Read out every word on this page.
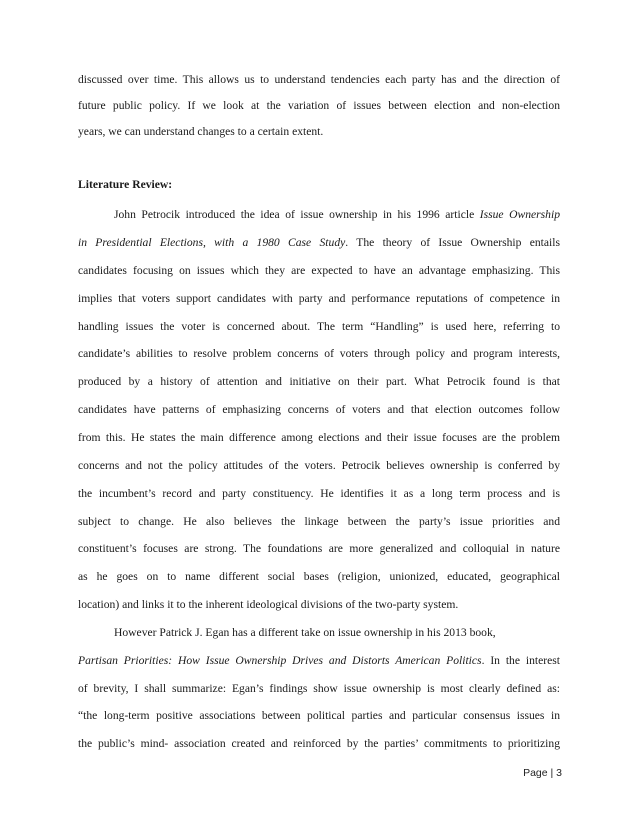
discussed over time. This allows us to understand tendencies each party has and the direction of
future public policy. If we look at the variation of issues between election and non-election
years, we can understand changes to a certain extent.
Literature Review:
John Petrocik introduced the idea of issue ownership in his 1996 article Issue Ownership
in Presidential Elections, with a 1980 Case Study. The theory of Issue Ownership entails
candidates focusing on issues which they are expected to have an advantage emphasizing. This
implies that voters support candidates with party and performance reputations of competence in
handling issues the voter is concerned about. The term “Handling” is used here, referring to
candidate’s abilities to resolve problem concerns of voters through policy and program interests,
produced by a history of attention and initiative on their part. What Petrocik found is that
candidates have patterns of emphasizing concerns of voters and that election outcomes follow
from this. He states the main difference among elections and their issue focuses are the problem
concerns and not the policy attitudes of the voters. Petrocik believes ownership is conferred by
the incumbent’s record and party constituency. He identifies it as a long term process and is
subject to change. He also believes the linkage between the party’s issue priorities and
constituent’s focuses are strong. The foundations are more generalized and colloquial in nature
as he goes on to name different social bases (religion, unionized, educated, geographical
location) and links it to the inherent ideological divisions of the two-party system.
However Patrick J. Egan has a different take on issue ownership in his 2013 book,
Partisan Priorities: How Issue Ownership Drives and Distorts American Politics. In the interest
of brevity, I shall summarize: Egan’s findings show issue ownership is most clearly defined as:
“the long-term positive associations between political parties and particular consensus issues in
the public’s mind- association created and reinforced by the parties’ commitments to prioritizing
Page | 3
